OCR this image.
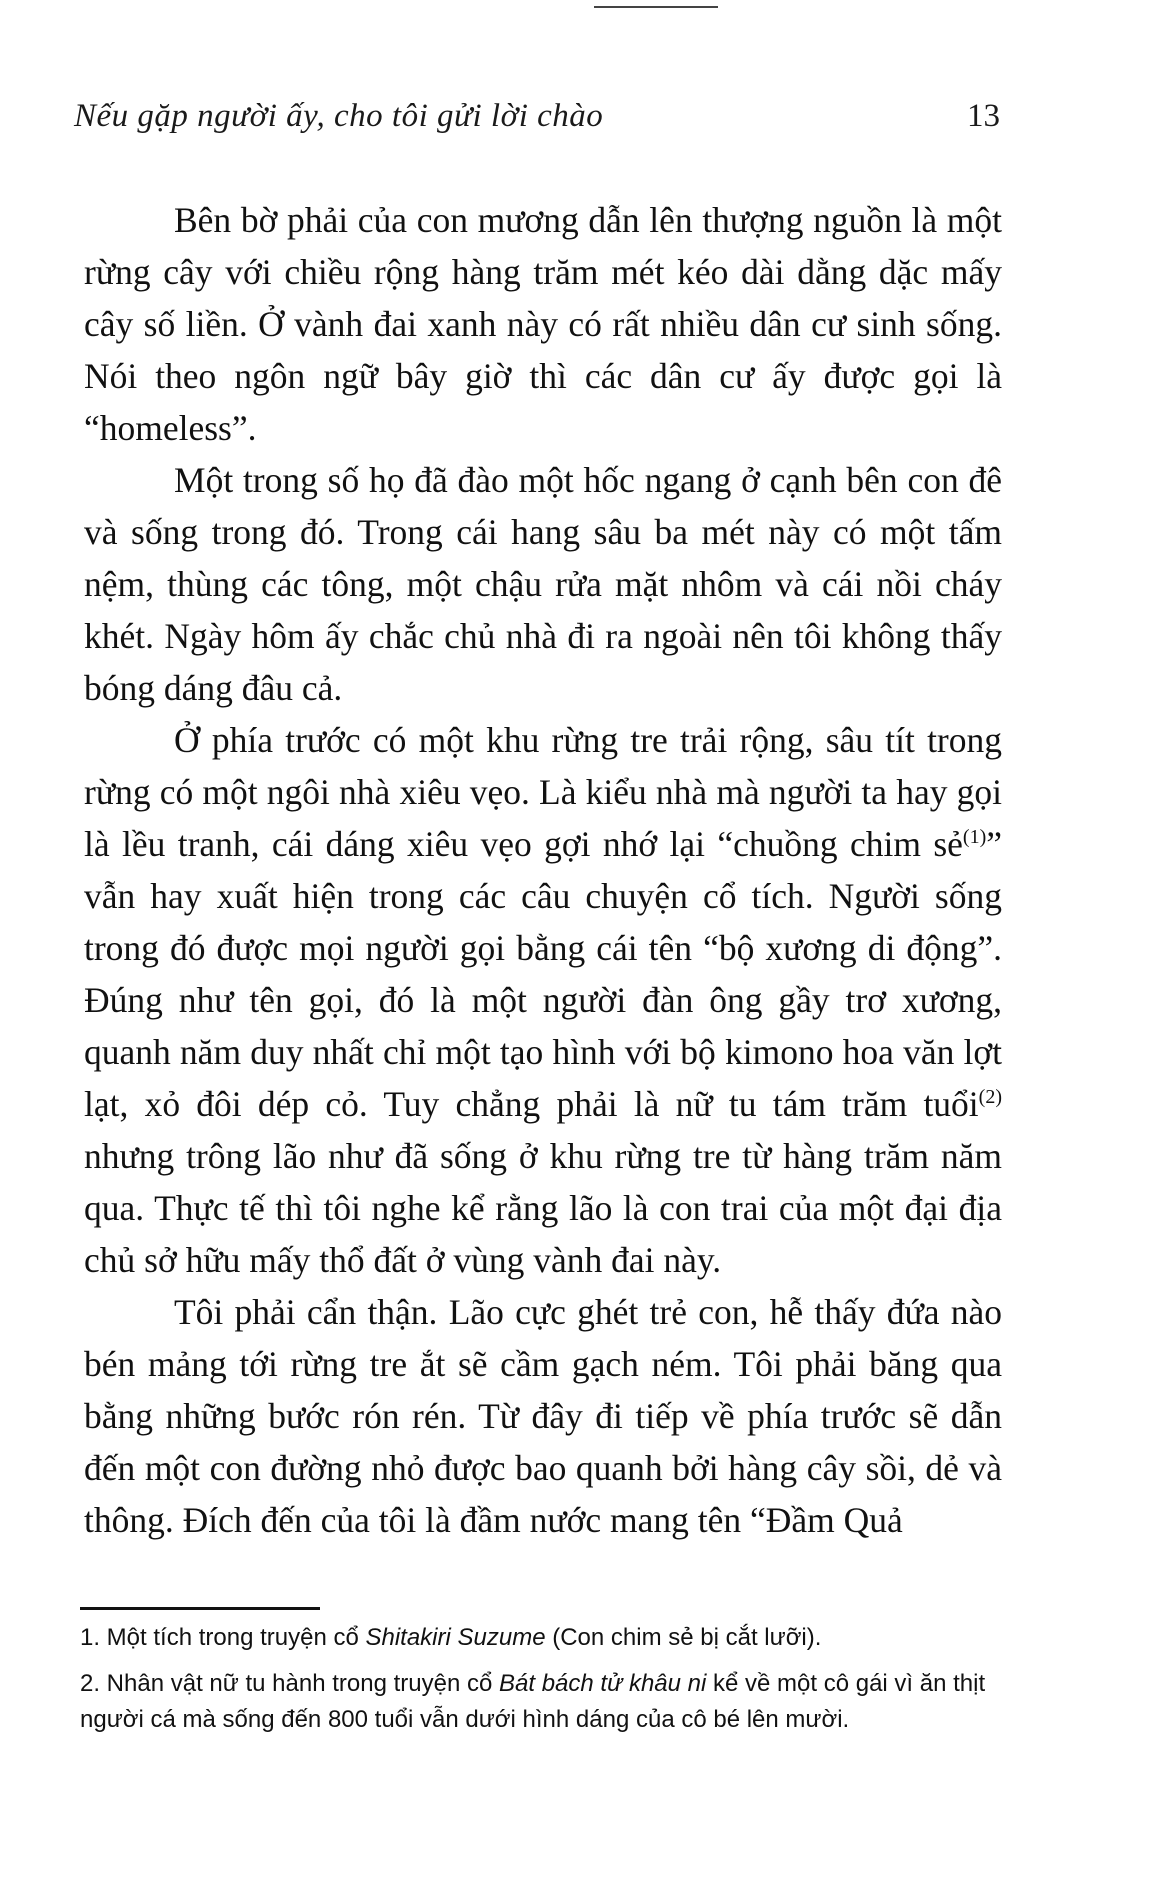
Nếu gặp người ấy, cho tôi gửi lời chào	13

Bên bờ phải của con mương dẫn lên thượng nguồn là một rừng cây với chiều rộng hàng trăm mét kéo dài dằng dặc mấy cây số liền. Ở vành đai xanh này có rất nhiều dân cư sinh sống. Nói theo ngôn ngữ bây giờ thì các dân cư ấy được gọi là “homeless”.

Một trong số họ đã đào một hốc ngang ở cạnh bên con đê và sống trong đó. Trong cái hang sâu ba mét này có một tấm nệm, thùng các tông, một chậu rửa mặt nhôm và cái nồi cháy khét. Ngày hôm ấy chắc chủ nhà đi ra ngoài nên tôi không thấy bóng dáng đâu cả.

Ở phía trước có một khu rừng tre trải rộng, sâu tít trong rừng có một ngôi nhà xiêu vẹo. Là kiểu nhà mà người ta hay gọi là lều tranh, cái dáng xiêu vẹo gợi nhớ lại “chuồng chim sẻ$^{(1)}$” vẫn hay xuất hiện trong các câu chuyện cổ tích. Người sống trong đó được mọi người gọi bằng cái tên “bộ xương di động”. Đúng như tên gọi, đó là một người đàn ông gầy trơ xương, quanh năm duy nhất chỉ một tạo hình với bộ kimono hoa văn lợt lạt, xỏ đôi dép cỏ. Tuy chẳng phải là nữ tu tám trăm tuổi$^{(2)}$ nhưng trông lão như đã sống ở khu rừng tre từ hàng trăm năm qua. Thực tế thì tôi nghe kể rằng lão là con trai của một đại địa chủ sở hữu mấy thổ đất ở vùng vành đai này.

Tôi phải cẩn thận. Lão cực ghét trẻ con, hễ thấy đứa nào bén mảng tới rừng tre ắt sẽ cầm gạch ném. Tôi phải băng qua bằng những bước rón rén. Từ đây đi tiếp về phía trước sẽ dẫn đến một con đường nhỏ được bao quanh bởi hàng cây sồi, dẻ và thông. Đích đến của tôi là đầm nước mang tên “Đầm Quả

1. Một tích trong truyện cổ Shitakiri Suzume (Con chim sẻ bị cắt lưỡi).

2. Nhân vật nữ tu hành trong truyện cổ Bát bách tử khâu ni kể về một cô gái vì ăn thịt người cá mà sống đến 800 tuổi vẫn dưới hình dáng của cô bé lên mười.
